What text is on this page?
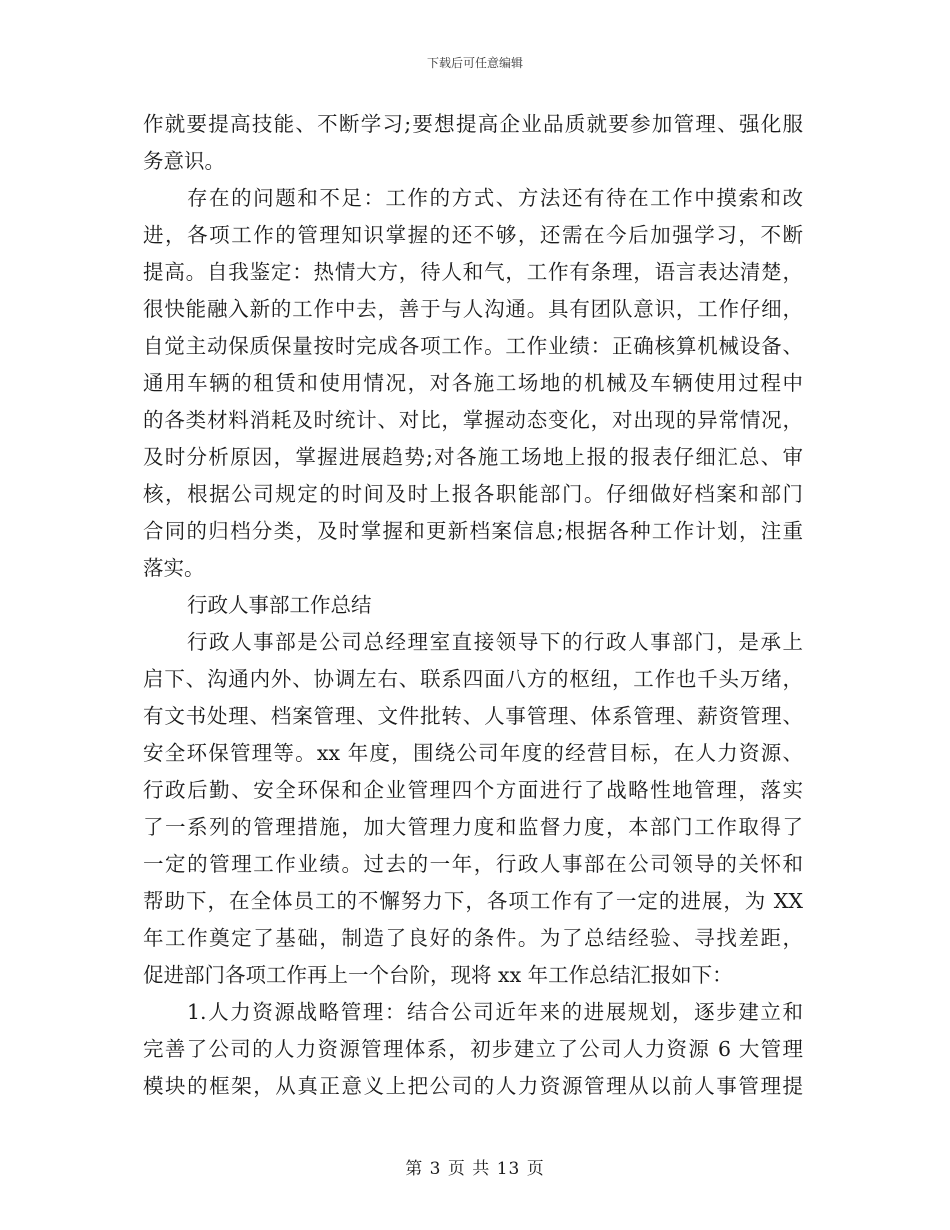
下载后可任意编辑
作就要提高技能、不断学习;要想提高企业品质就要参加管理、强化服
务意识。
存在的问题和不足：工作的方式、方法还有待在工作中摸索和改
进，各项工作的管理知识掌握的还不够，还需在今后加强学习，不断
提高。自我鉴定：热情大方，待人和气，工作有条理，语言表达清楚，
很快能融入新的工作中去，善于与人沟通。具有团队意识，工作仔细，
自觉主动保质保量按时完成各项工作。工作业绩：正确核算机械设备、
通用车辆的租赁和使用情况，对各施工场地的机械及车辆使用过程中
的各类材料消耗及时统计、对比，掌握动态变化，对出现的异常情况，
及时分析原因，掌握进展趋势;对各施工场地上报的报表仔细汇总、审
核，根据公司规定的时间及时上报各职能部门。仔细做好档案和部门
合同的归档分类，及时掌握和更新档案信息;根据各种工作计划，注重
落实。
行政人事部工作总结
行政人事部是公司总经理室直接领导下的行政人事部门，是承上
启下、沟通内外、协调左右、联系四面八方的枢纽，工作也千头万绪，
有文书处理、档案管理、文件批转、人事管理、体系管理、薪资管理、
安全环保管理等。xx 年度，围绕公司年度的经营目标，在人力资源、
行政后勤、安全环保和企业管理四个方面进行了战略性地管理，落实
了一系列的管理措施，加大管理力度和监督力度，本部门工作取得了
一定的管理工作业绩。过去的一年，行政人事部在公司领导的关怀和
帮助下，在全体员工的不懈努力下，各项工作有了一定的进展，为 XX
年工作奠定了基础，制造了良好的条件。为了总结经验、寻找差距，
促进部门各项工作再上一个台阶，现将 xx 年工作总结汇报如下：
1.人力资源战略管理：结合公司近年来的进展规划，逐步建立和
完善了公司的人力资源管理体系，初步建立了公司人力资源 6 大管理
模块的框架，从真正意义上把公司的人力资源管理从以前人事管理提
第 3 页 共 13 页
